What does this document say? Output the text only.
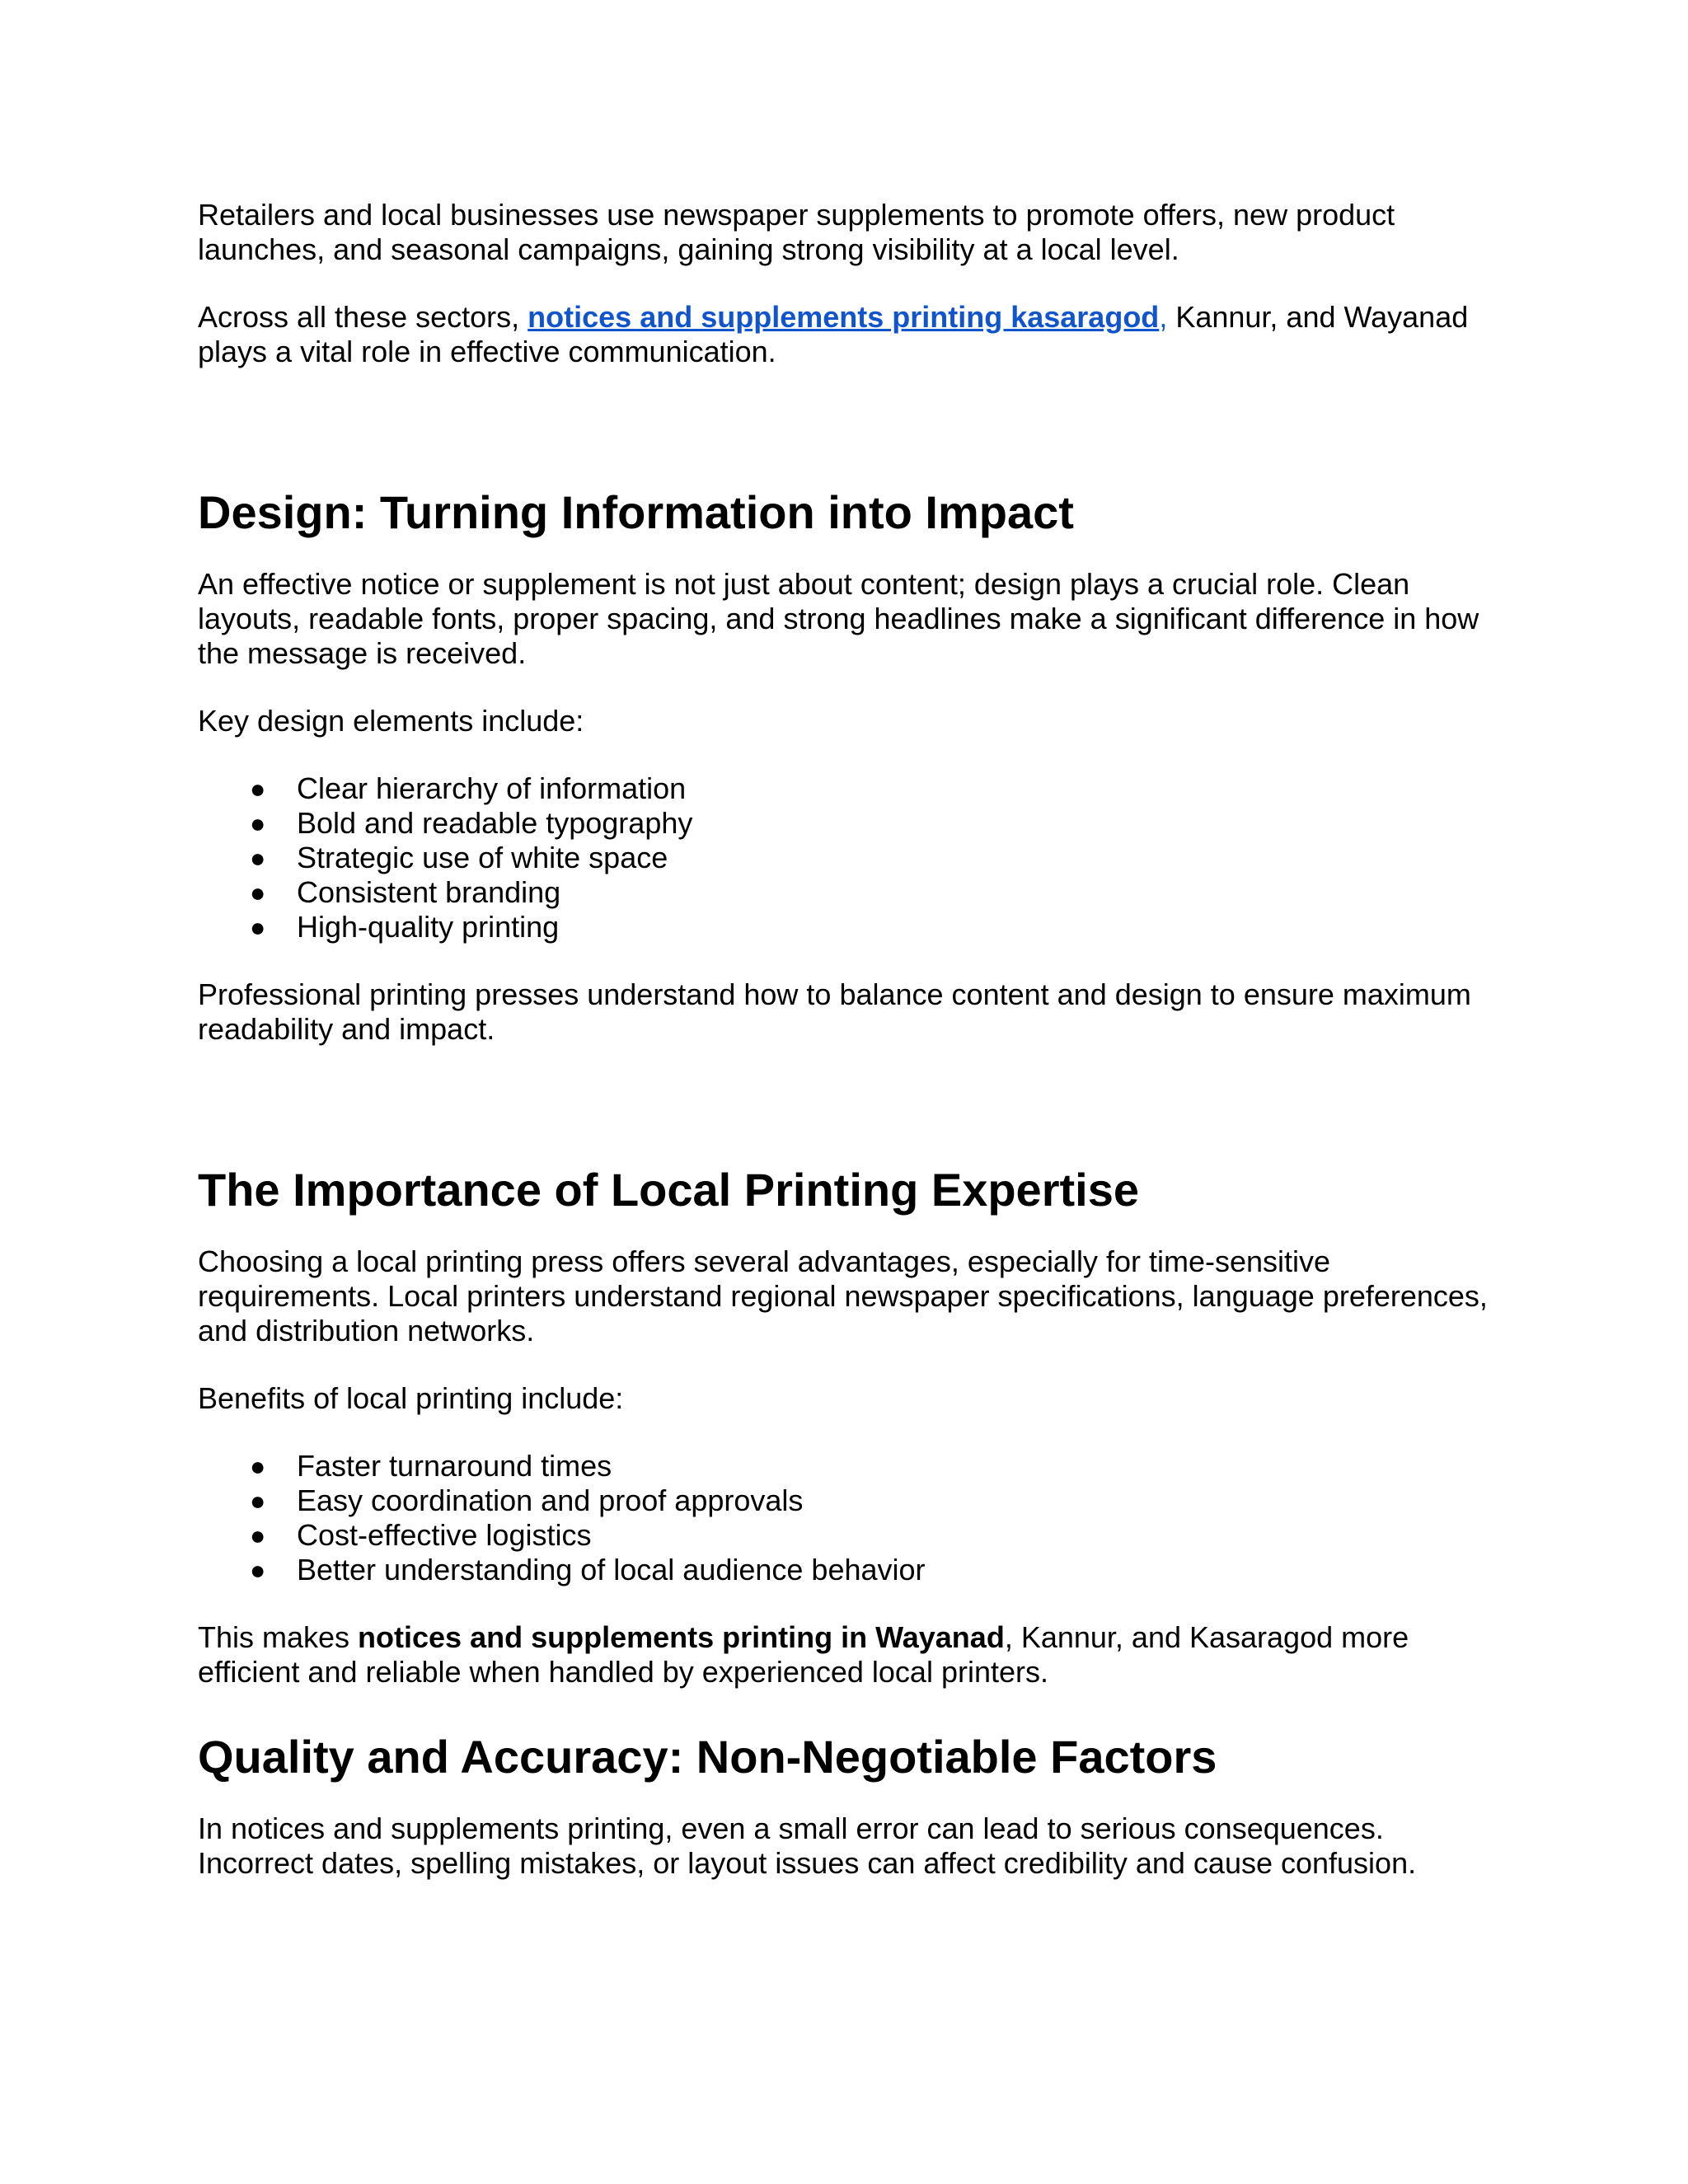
Retailers and local businesses use newspaper supplements to promote offers, new product launches, and seasonal campaigns, gaining strong visibility at a local level.

Across all these sectors, notices and supplements printing kasaragod, Kannur, and Wayanad plays a vital role in effective communication.

Design: Turning Information into Impact

An effective notice or supplement is not just about content; design plays a crucial role. Clean layouts, readable fonts, proper spacing, and strong headlines make a significant difference in how the message is received.

Key design elements include:

● Clear hierarchy of information
● Bold and readable typography
● Strategic use of white space
● Consistent branding
● High-quality printing

Professional printing presses understand how to balance content and design to ensure maximum readability and impact.

The Importance of Local Printing Expertise

Choosing a local printing press offers several advantages, especially for time-sensitive requirements. Local printers understand regional newspaper specifications, language preferences, and distribution networks.

Benefits of local printing include:

● Faster turnaround times
● Easy coordination and proof approvals
● Cost-effective logistics
● Better understanding of local audience behavior

This makes notices and supplements printing in Wayanad, Kannur, and Kasaragod more efficient and reliable when handled by experienced local printers.

Quality and Accuracy: Non-Negotiable Factors

In notices and supplements printing, even a small error can lead to serious consequences. Incorrect dates, spelling mistakes, or layout issues can affect credibility and cause confusion.
